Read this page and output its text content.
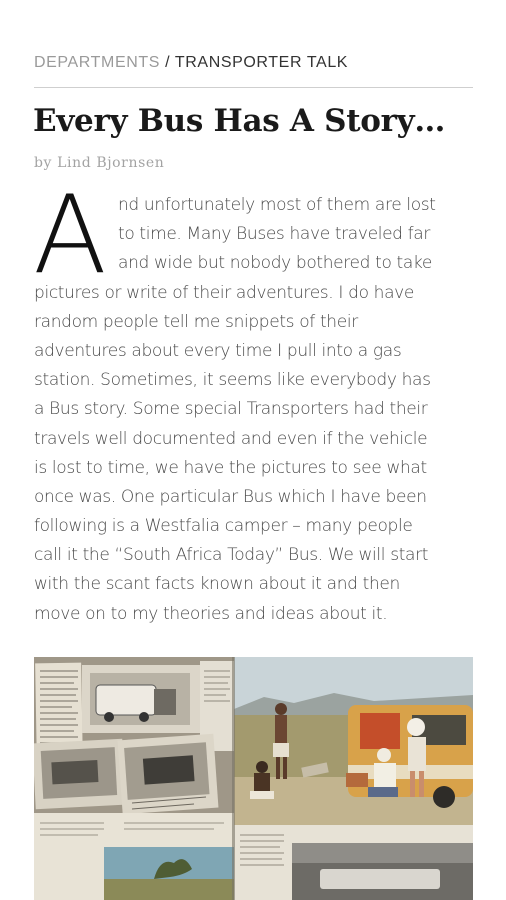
DEPARTMENTS / TRANSPORTER TALK
Every Bus Has A Story…
by Lind Bjornsen
A nd unfortunately most of them are lost
to time. Many Buses have traveled far
and wide but nobody bothered to take
pictures or write of their adventures. I do have
random people tell me snippets of their
adventures about every time I pull into a gas
station. Sometimes, it seems like everybody has
a Bus story. Some special Transporters had their
travels well documented and even if the vehicle
is lost to time, we have the pictures to see what
once was. One particular Bus which I have been
following is a Westfalia camper – many people
call it the “South Africa Today” Bus. We will start
with the scant facts known about it and then
move on to my theories and ideas about it.
